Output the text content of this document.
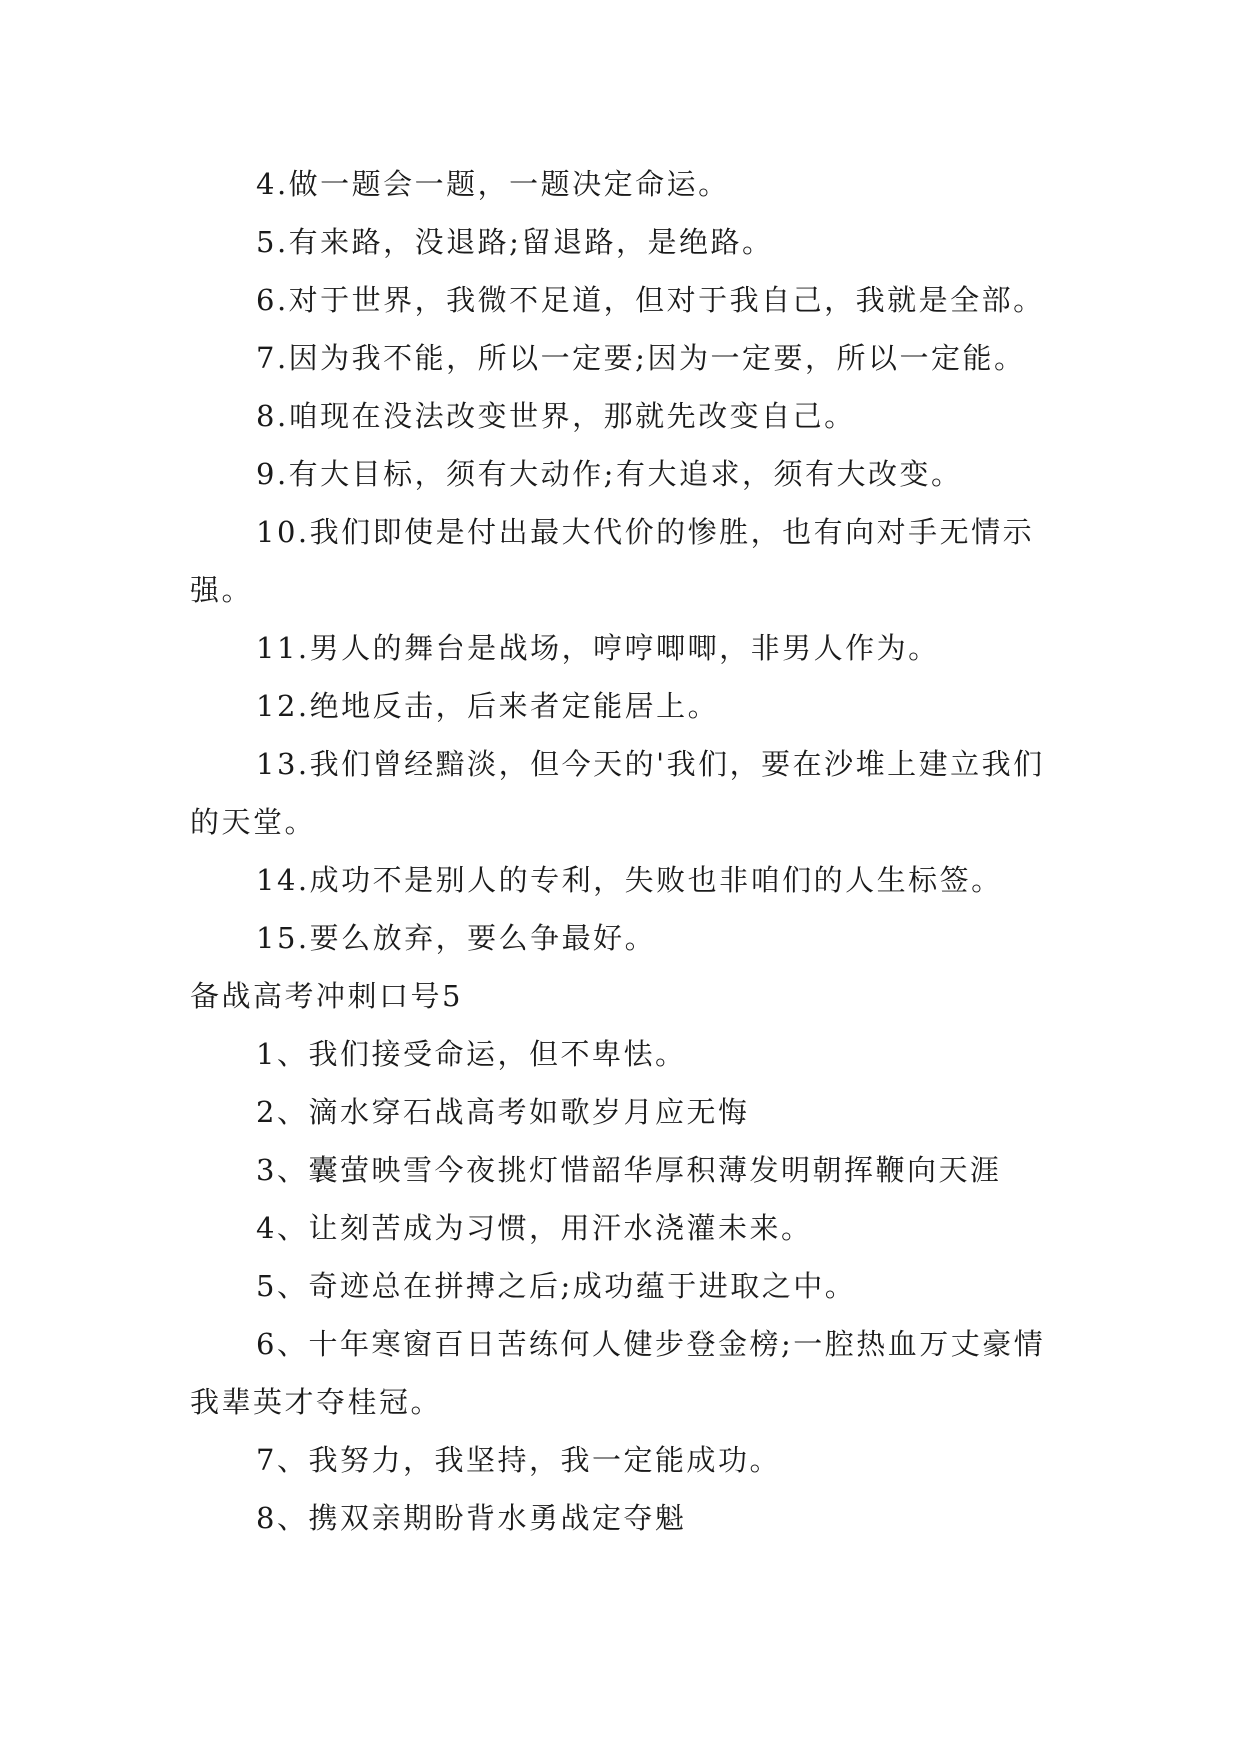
4.做一题会一题，一题决定命运。

5.有来路，没退路;留退路，是绝路。

6.对于世界，我微不足道，但对于我自己，我就是全部。

7.因为我不能，所以一定要;因为一定要，所以一定能。

8.咱现在没法改变世界，那就先改变自己。

9.有大目标，须有大动作;有大追求，须有大改变。

10.我们即使是付出最大代价的惨胜，也有向对手无情示强。

11.男人的舞台是战场，哼哼唧唧，非男人作为。

12.绝地反击，后来者定能居上。

13.我们曾经黯淡，但今天的'我们，要在沙堆上建立我们的天堂。

14.成功不是别人的专利，失败也非咱们的人生标签。

15.要么放弃，要么争最好。

备战高考冲刺口号5

1、我们接受命运，但不卑怯。

2、滴水穿石战高考如歌岁月应无悔

3、囊萤映雪今夜挑灯惜韶华厚积薄发明朝挥鞭向天涯

4、让刻苦成为习惯，用汗水浇灌未来。

5、奇迹总在拼搏之后;成功蕴于进取之中。

6、十年寒窗百日苦练何人健步登金榜;一腔热血万丈豪情我辈英才夺桂冠。

7、我努力，我坚持，我一定能成功。

8、携双亲期盼背水勇战定夺魁
